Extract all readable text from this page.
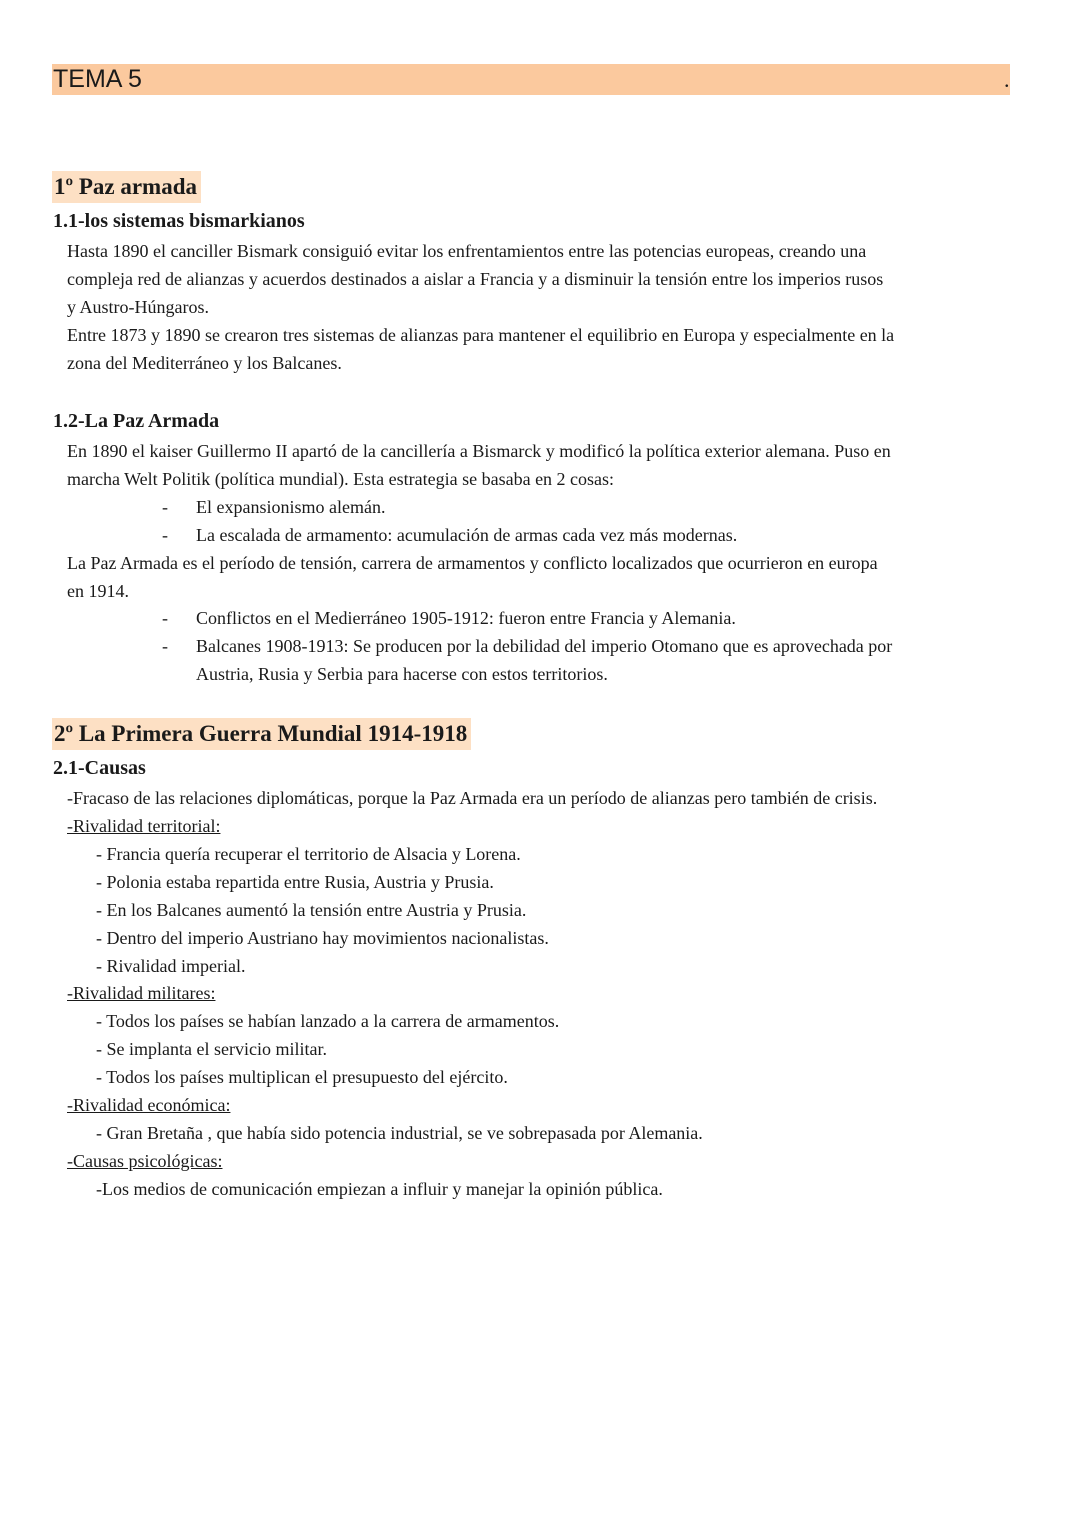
TEMA 5	.
1º Paz armada
1.1-los sistemas bismarkianos
Hasta 1890 el canciller Bismark consiguió evitar los enfrentamientos entre las potencias europeas, creando una
compleja red de alianzas y acuerdos destinados a aislar a Francia y a disminuir la tensión entre los imperios rusos
y Austro-Húngaros.
Entre 1873 y 1890 se crearon tres sistemas de alianzas para mantener el equilibrio en Europa y especialmente en la
zona del Mediterráneo y los Balcanes.
1.2-La Paz Armada
En 1890 el kaiser Guillermo II apartó de la cancillería a Bismarck y modificó la política exterior alemana. Puso en
marcha Welt Politik (política mundial). Esta estrategia se basaba en 2 cosas:
- El expansionismo alemán.
- La escalada de armamento: acumulación de armas cada vez más modernas.
La Paz Armada es el período de tensión, carrera de armamentos y conflicto localizados que ocurrieron en europa
en 1914.
- Conflictos en el Medierráneo 1905-1912: fueron entre Francia y Alemania.
- Balcanes 1908-1913: Se producen por la debilidad del imperio Otomano que es aprovechada por
Austria, Rusia y Serbia para hacerse con estos territorios.
2º La Primera Guerra Mundial 1914-1918
2.1-Causas
-Fracaso de las relaciones diplomáticas, porque la Paz Armada era un período de alianzas pero también de crisis.
-Rivalidad territorial:
- Francia quería recuperar el territorio de Alsacia y Lorena.
- Polonia estaba repartida entre Rusia, Austria y Prusia.
- En los Balcanes aumentó la tensión entre Austria y Prusia.
- Dentro del imperio Austriano hay movimientos nacionalistas.
- Rivalidad imperial.
-Rivalidad militares:
- Todos los países se habían lanzado a la carrera de armamentos.
- Se implanta el servicio militar.
- Todos los países multiplican el presupuesto del ejército.
-Rivalidad económica:
- Gran Bretaña , que había sido potencia industrial, se ve sobrepasada por Alemania.
-Causas psicológicas:
-Los medios de comunicación empiezan a influir y manejar la opinión pública.
